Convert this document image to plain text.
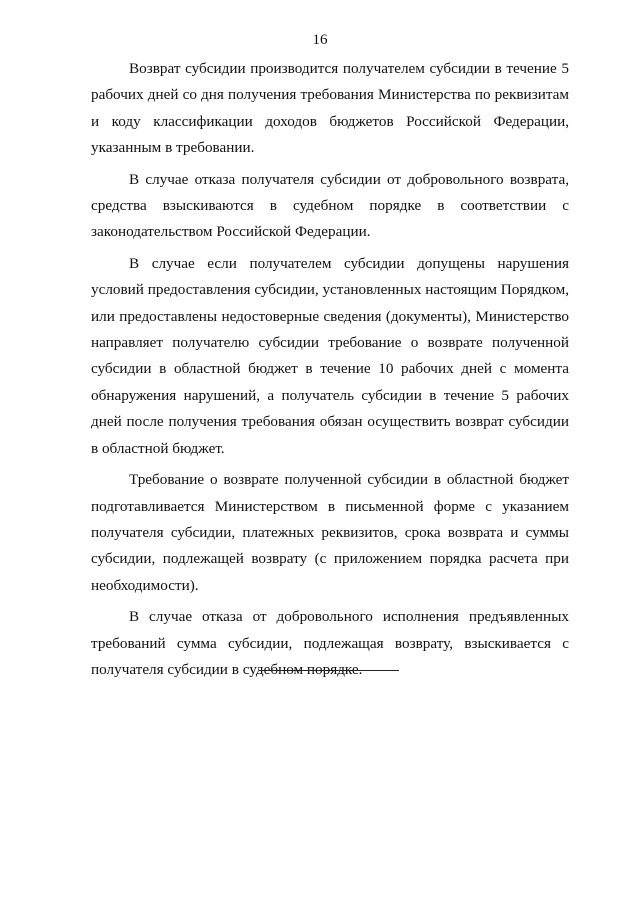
16

Возврат субсидии производится получателем субсидии в течение 5 рабочих дней со дня получения требования Министерства по реквизитам и коду классификации доходов бюджетов Российской Федерации, указанным в требовании.

В случае отказа получателя субсидии от добровольного возврата, средства взыскиваются в судебном порядке в соответствии с законодательством Российской Федерации.

В случае если получателем субсидии допущены нарушения условий предоставления субсидии, установленных настоящим Порядком, или предоставлены недостоверные сведения (документы), Министерство направляет получателю субсидии требование о возврате полученной субсидии в областной бюджет в течение 10 рабочих дней с момента обнаружения нарушений, а получатель субсидии в течение 5 рабочих дней после получения требования обязан осуществить возврат субсидии в областной бюджет.

Требование о возврате полученной субсидии в областной бюджет подготавливается Министерством в письменной форме с указанием получателя субсидии, платежных реквизитов, срока возврата и суммы субсидии, подлежащей возврату (с приложением порядка расчета при необходимости).

В случае отказа от добровольного исполнения предъявленных требований сумма субсидии, подлежащая возврату, взыскивается с получателя субсидии в судебном порядке.
